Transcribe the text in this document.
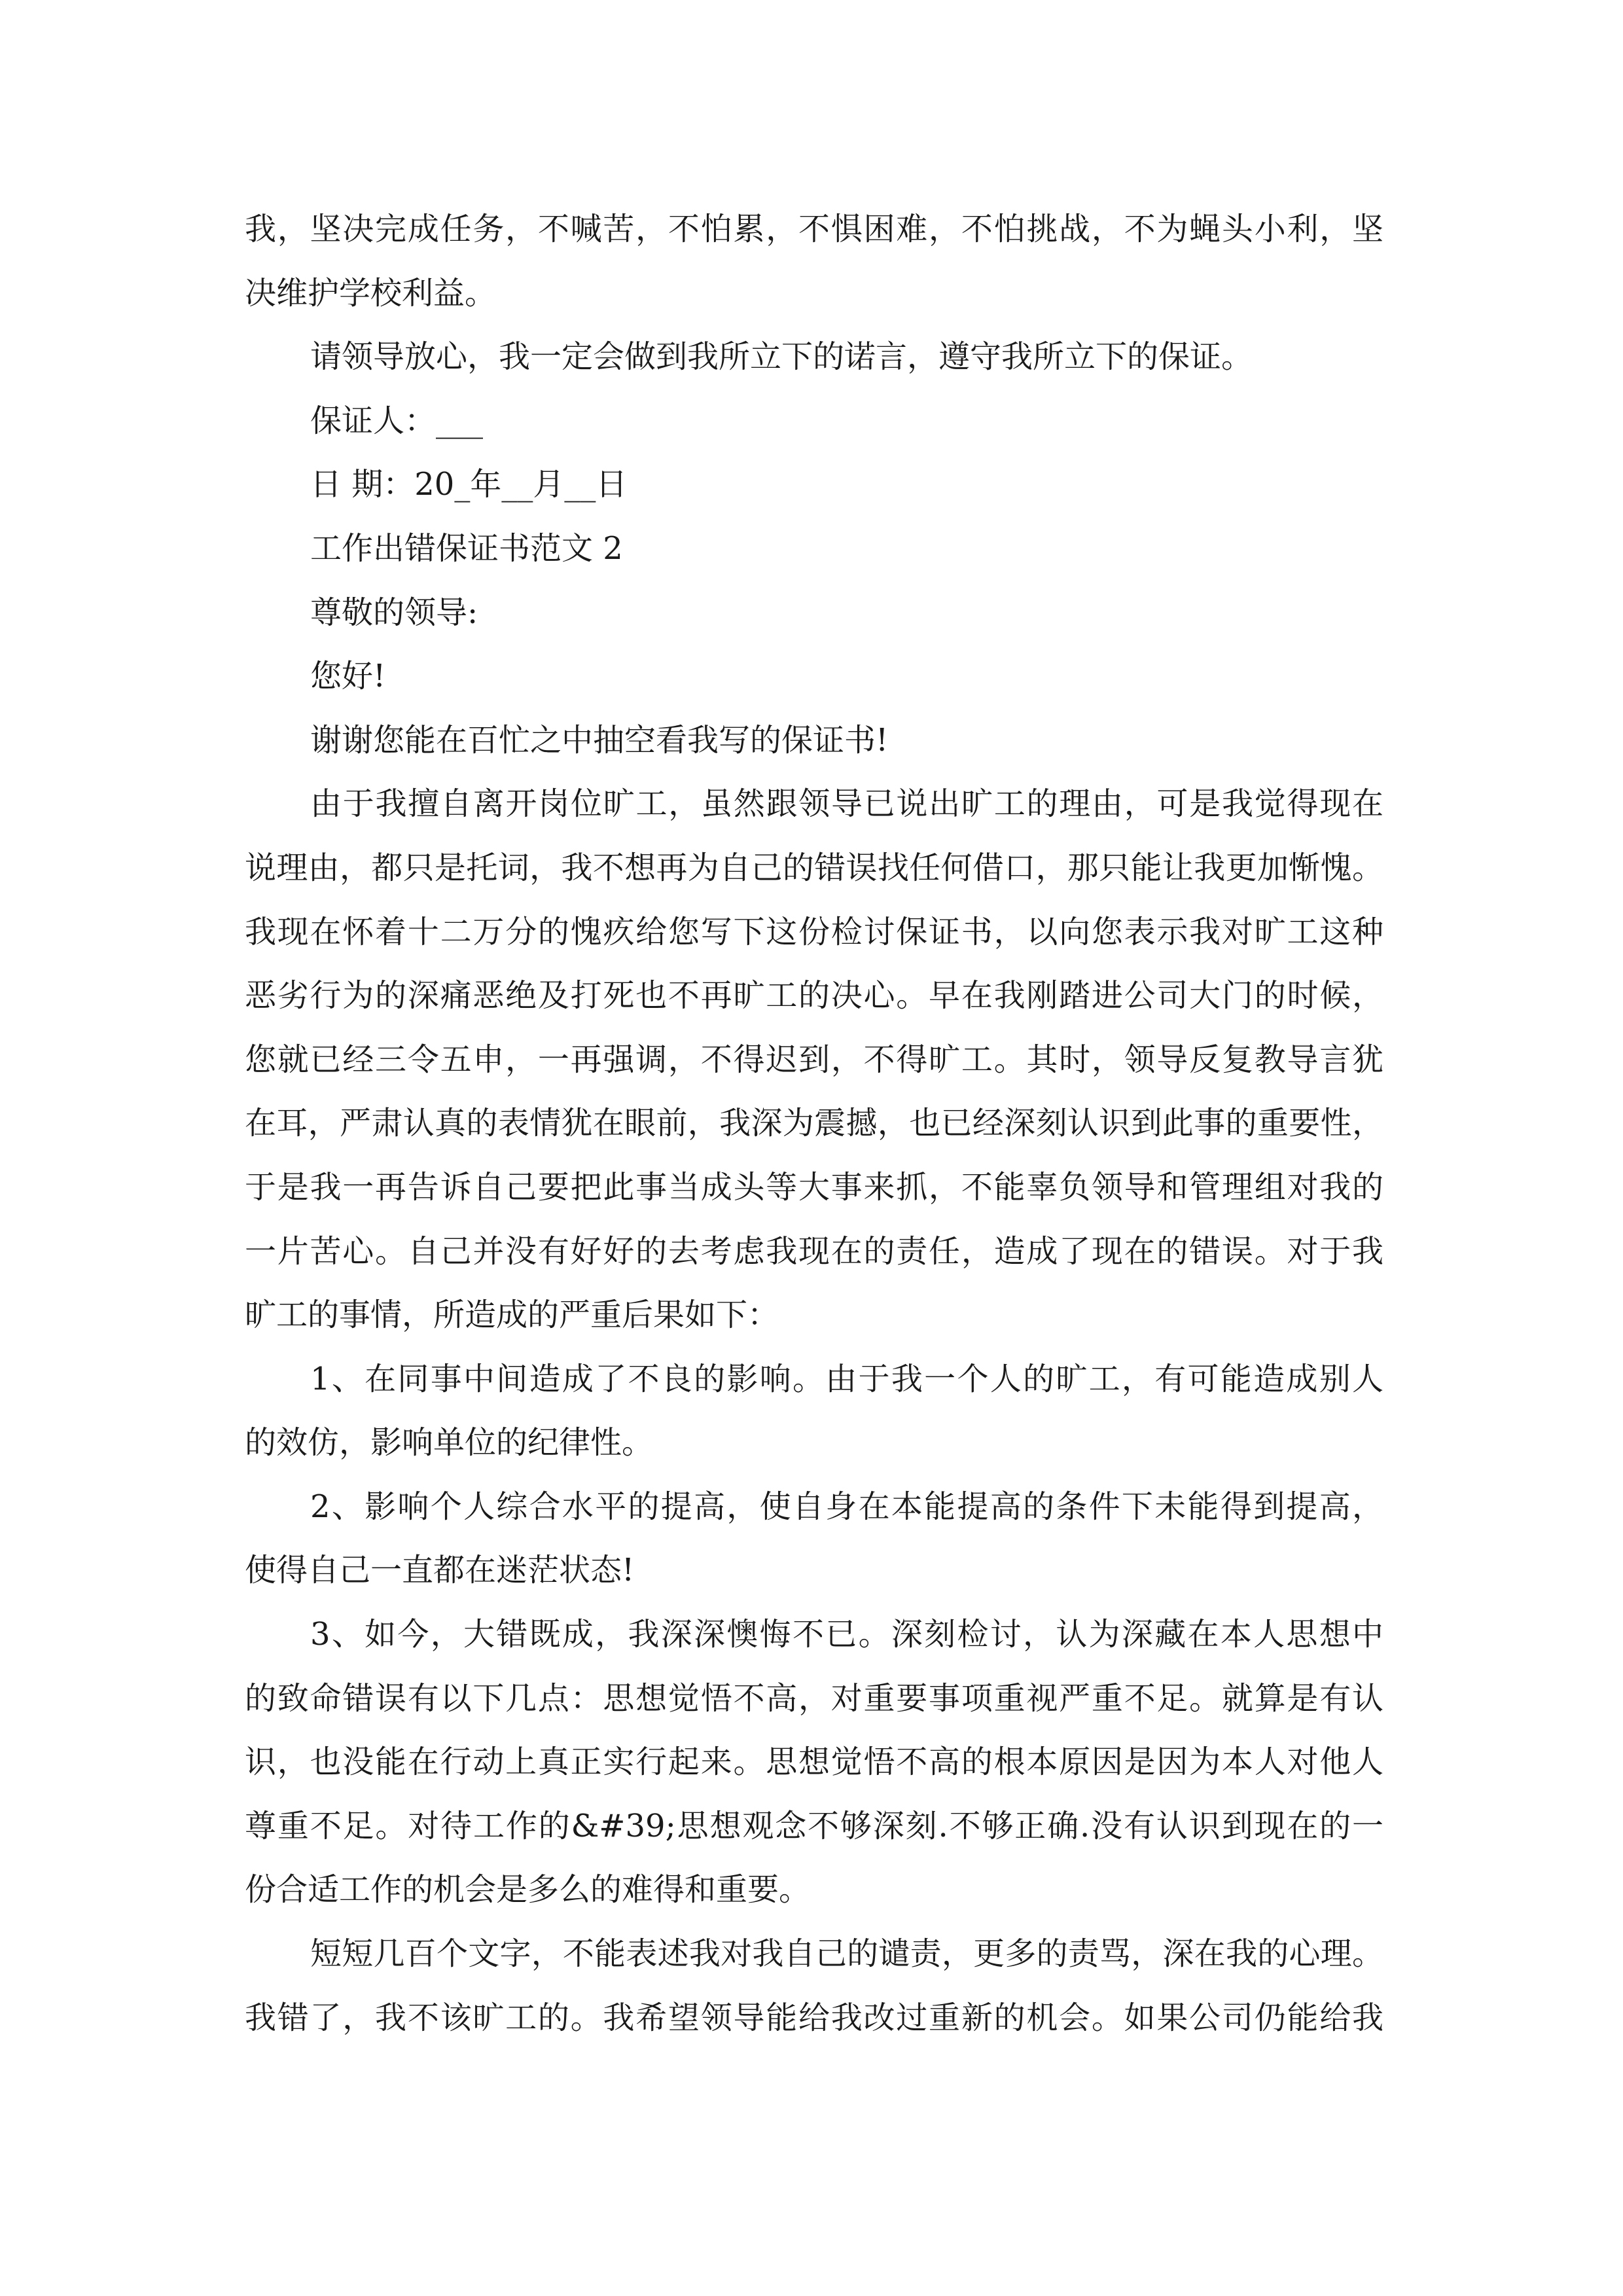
我，坚决完成任务，不喊苦，不怕累，不惧困难，不怕挑战，不为蝇头小利，坚
决维护学校利益。
请领导放心，我一定会做到我所立下的诺言，遵守我所立下的保证。
保证人：___
日 期：20_年__月__日
工作出错保证书范文 2
尊敬的领导:
您好!
谢谢您能在百忙之中抽空看我写的保证书!
由于我擅自离开岗位旷工，虽然跟领导已说出旷工的理由，可是我觉得现在
说理由，都只是托词，我不想再为自己的错误找任何借口，那只能让我更加惭愧。
我现在怀着十二万分的愧疚给您写下这份检讨保证书，以向您表示我对旷工这种
恶劣行为的深痛恶绝及打死也不再旷工的决心。早在我刚踏进公司大门的时候，
您就已经三令五申，一再强调，不得迟到，不得旷工。其时，领导反复教导言犹
在耳，严肃认真的表情犹在眼前，我深为震撼，也已经深刻认识到此事的重要性，
于是我一再告诉自己要把此事当成头等大事来抓，不能辜负领导和管理组对我的
一片苦心。自己并没有好好的去考虑我现在的责任，造成了现在的错误。对于我
旷工的事情，所造成的严重后果如下：
1、在同事中间造成了不良的影响。由于我一个人的旷工，有可能造成别人
的效仿，影响单位的纪律性。
2、影响个人综合水平的提高，使自身在本能提高的条件下未能得到提高，
使得自己一直都在迷茫状态!
3、如今，大错既成，我深深懊悔不已。深刻检讨，认为深藏在本人思想中
的致命错误有以下几点：思想觉悟不高，对重要事项重视严重不足。就算是有认
识，也没能在行动上真正实行起来。思想觉悟不高的根本原因是因为本人对他人
尊重不足。对待工作的&#39;思想观念不够深刻.不够正确.没有认识到现在的一
份合适工作的机会是多么的难得和重要。
短短几百个文字，不能表述我对我自己的谴责，更多的责骂，深在我的心理。
我错了，我不该旷工的。我希望领导能给我改过重新的机会。如果公司仍能给我
